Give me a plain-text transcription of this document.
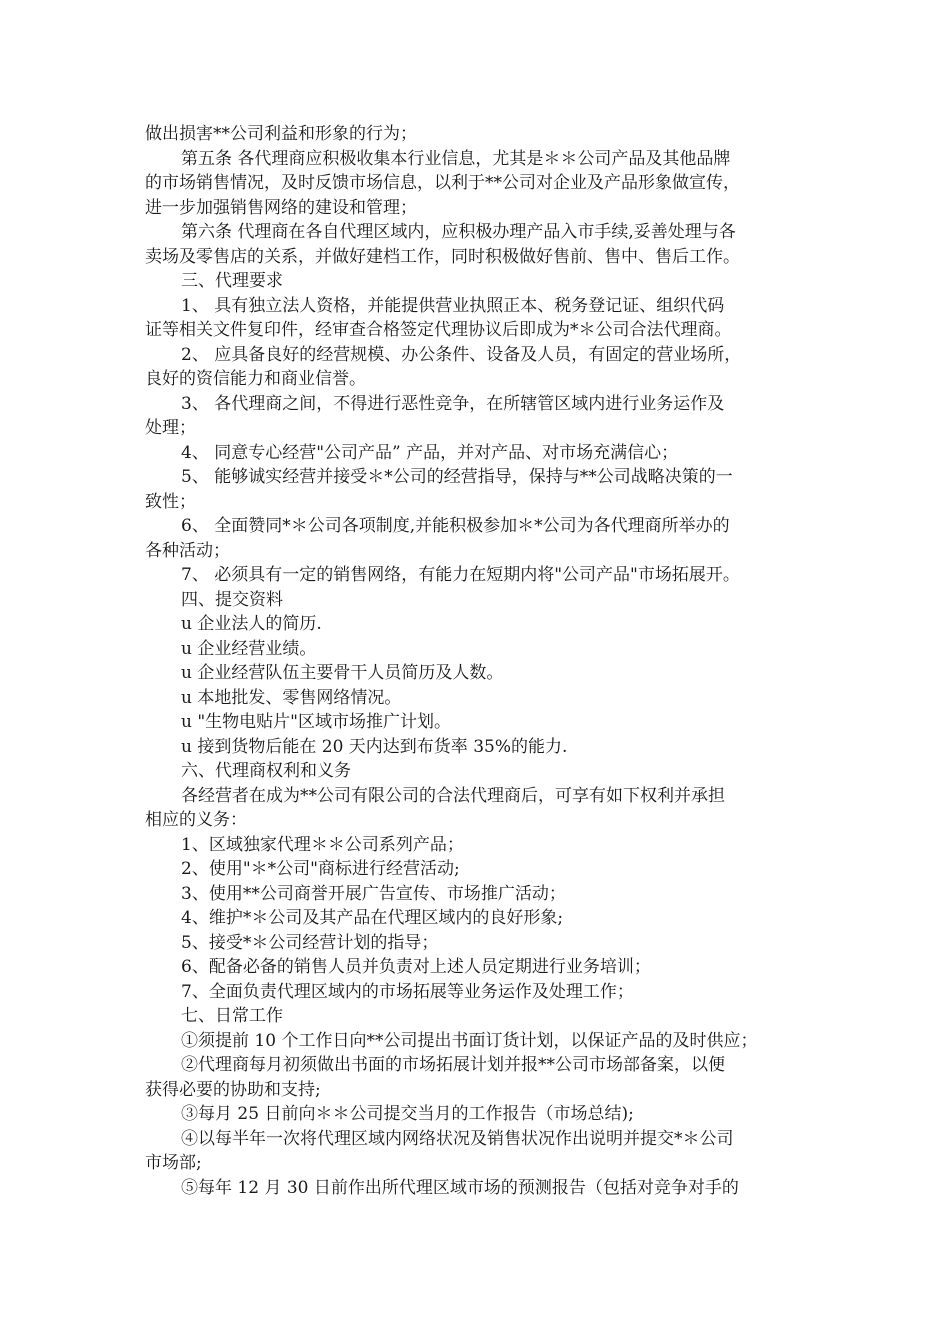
做出损害**公司利益和形象的行为；
第五条 各代理商应积极收集本行业信息，尤其是＊＊公司产品及其他品牌
的市场销售情况，及时反馈市场信息，以利于**公司对企业及产品形象做宣传，
进一步加强销售网络的建设和管理；
第六条 代理商在各自代理区域内，应积极办理产品入市手续,妥善处理与各
卖场及零售店的关系，并做好建档工作，同时积极做好售前、售中、售后工作。
三、代理要求
1、 具有独立法人资格，并能提供营业执照正本、税务登记证、组织代码
证等相关文件复印件，经审查合格签定代理协议后即成为*＊公司合法代理商。
2、 应具备良好的经营规模、办公条件、设备及人员，有固定的营业场所，
良好的资信能力和商业信誉。
3、 各代理商之间，不得进行恶性竞争，在所辖管区域内进行业务运作及
处理；
4、 同意专心经营"公司产品” 产品，并对产品、对市场充满信心；
5、 能够诚实经营并接受＊*公司的经营指导，保持与**公司战略决策的一
致性；
6、 全面赞同*＊公司各项制度,并能积极参加＊*公司为各代理商所举办的
各种活动；
7、 必须具有一定的销售网络，有能力在短期内将"公司产品"市场拓展开。
四、提交资料
u 企业法人的简历.
u 企业经营业绩。
u 企业经营队伍主要骨干人员简历及人数。
u 本地批发、零售网络情况。
u "生物电贴片"区域市场推广计划。
u 接到货物后能在 20 天内达到布货率 35%的能力.
六、代理商权利和义务
各经营者在成为**公司有限公司的合法代理商后，可享有如下权利并承担
相应的义务：
1、区域独家代理＊＊公司系列产品；
2、使用"＊*公司"商标进行经营活动;
3、使用**公司商誉开展广告宣传、市场推广活动；
4、维护*＊公司及其产品在代理区域内的良好形象;
5、接受*＊公司经营计划的指导；
6、配备必备的销售人员并负责对上述人员定期进行业务培训；
7、全面负责代理区域内的市场拓展等业务运作及处理工作；
七、日常工作
①须提前 10 个工作日向**公司提出书面订货计划，以保证产品的及时供应；
②代理商每月初须做出书面的市场拓展计划并报**公司市场部备案，以便
获得必要的协助和支持;
③每月 25 日前向＊＊公司提交当月的工作报告（市场总结);
④以每半年一次将代理区域内网络状况及销售状况作出说明并提交*＊公司
市场部;
⑤每年 12 月 30 日前作出所代理区域市场的预测报告（包括对竞争对手的
